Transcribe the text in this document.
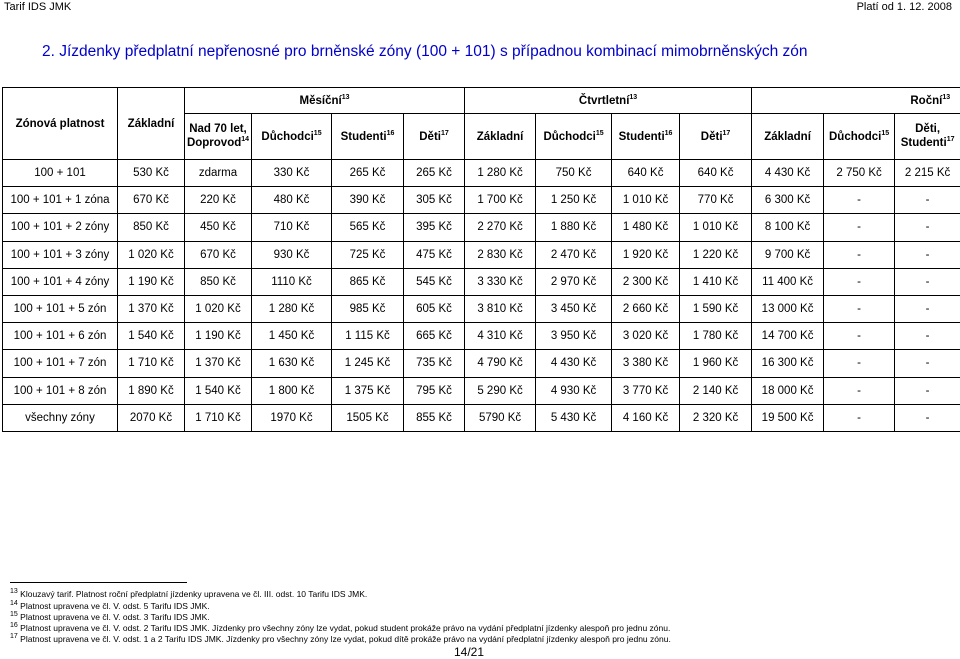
Tarif IDS JMK	Platí od 1. 12. 2008
2. Jízdenky předplatní nepřenosné pro brněnské zóny (100 + 101) s případnou kombinací mimobrněnských zón
Zónová platnost	Základní	Měsíční$^{13}$				Čtvrtletní$^{13}$				Roční$^{13}$
		Nad 70 let,
Doprovod$^{14}$	Důchodci$^{15}$	Studenti$^{16}$	Děti$^{17}$	Základní	Důchodci$^{15}$	Studenti$^{16}$	Děti$^{17}$	Základní	Důchodci$^{15}$	Děti,
Studenti$^{17}$
100 + 101	530 Kč	zdarma	330 Kč	265 Kč	265 Kč	1 280 Kč	750 Kč	640 Kč	640 Kč	4 430 Kč	2 750 Kč	2 215 Kč
100 + 101 + 1 zóna	670 Kč	220 Kč	480 Kč	390 Kč	305 Kč	1 700 Kč	1 250 Kč	1 010 Kč	770 Kč	6 300 Kč	-	-
100 + 101 + 2 zóny	850 Kč	450 Kč	710 Kč	565 Kč	395 Kč	2 270 Kč	1 880 Kč	1 480 Kč	1 010 Kč	8 100 Kč	-	-
100 + 101 + 3 zóny	1 020 Kč	670 Kč	930 Kč	725 Kč	475 Kč	2 830 Kč	2 470 Kč	1 920 Kč	1 220 Kč	9 700 Kč	-	-
100 + 101 + 4 zóny	1 190 Kč	850 Kč	1110 Kč	865 Kč	545 Kč	3 330 Kč	2 970 Kč	2 300 Kč	1 410 Kč	11 400 Kč	-	-
100 + 101 + 5 zón	1 370 Kč	1 020 Kč	1 280 Kč	985 Kč	605 Kč	3 810 Kč	3 450 Kč	2 660 Kč	1 590 Kč	13 000 Kč	-	-
100 + 101 + 6 zón	1 540 Kč	1 190 Kč	1 450 Kč	1 115 Kč	665 Kč	4 310 Kč	3 950 Kč	3 020 Kč	1 780 Kč	14 700 Kč	-	-
100 + 101 + 7 zón	1 710 Kč	1 370 Kč	1 630 Kč	1 245 Kč	735 Kč	4 790 Kč	4 430 Kč	3 380 Kč	1 960 Kč	16 300 Kč	-	-
100 + 101 + 8 zón	1 890 Kč	1 540 Kč	1 800 Kč	1 375 Kč	795 Kč	5 290 Kč	4 930 Kč	3 770 Kč	2 140 Kč	18 000 Kč	-	-
všechny zóny	2070 Kč	1 710 Kč	1970 Kč	1505 Kč	855 Kč	5790 Kč	5 430 Kč	4 160 Kč	2 320 Kč	19 500 Kč	-	-
$^{13}$ Klouzavý tarif. Platnost roční předplatní jízdenky upravena ve čl. III. odst. 10 Tarifu IDS JMK.
$^{14}$ Platnost upravena ve čl. V. odst. 5 Tarifu IDS JMK.
$^{15}$ Platnost upravena ve čl. V. odst. 3 Tarifu IDS JMK.
$^{16}$ Platnost upravena ve čl. V. odst. 2 Tarifu IDS JMK. Jízdenky pro všechny zóny lze vydat, pokud student prokáže právo na vydání předplatní jízdenky alespoň pro jednu zónu.
$^{17}$ Platnost upravena ve čl. V. odst. 1 a 2 Tarifu IDS JMK. Jízdenky pro všechny zóny lze vydat, pokud dítě prokáže právo na vydání předplatní jízdenky alespoň pro jednu zónu.
14/21
